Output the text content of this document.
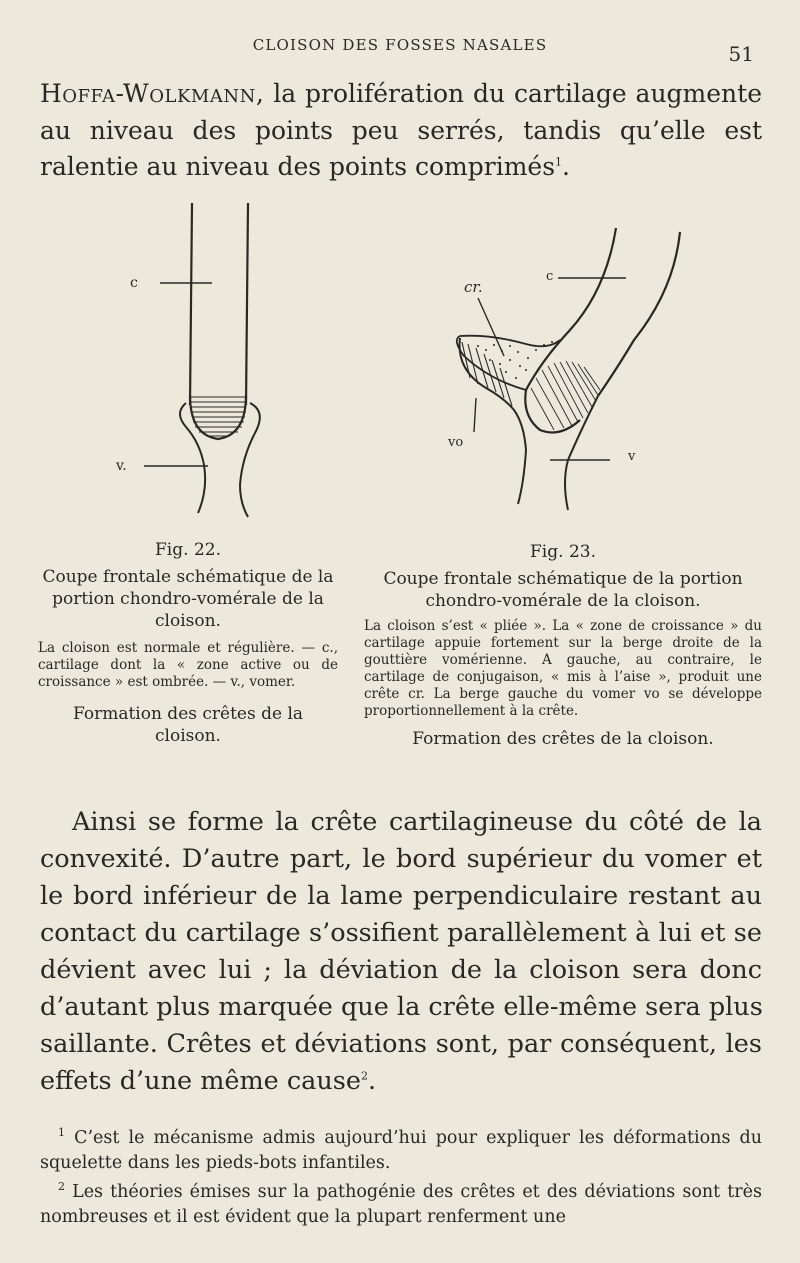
CLOISON DES FOSSES NASALES	51
Hoffa-Wolkmann, la prolifération du cartilage augmente
au niveau des points peu serrés, tandis qu’elle est
ralentie au niveau des points comprimés$^1$.
c
v.
cr.
c
vo
v
Fig. 22.
Coupe frontale schématique de la portion chondro-vomérale de la cloison.
La cloison est normale et régulière. — c., cartilage dont la « zone active ou de croissance » est ombrée. — v., vomer.
Formation des crêtes de la cloison.
Fig. 23.
Coupe frontale schématique de la portion chondro-vomérale de la cloison.
La cloison s’est « pliée ». La « zone de croissance » du cartilage appuie fortement sur la berge droite de la gouttière vomérienne. A gauche, au contraire, le cartilage de conjugaison, « mis à l’aise », produit une crête cr. La berge gauche du vomer vo se développe proportionnellement à la crête.
Formation des crêtes de la cloison.
Ainsi se forme la crête cartilagineuse du côté de la
convexité. D’autre part, le bord supérieur du vomer et
le bord inférieur de la lame perpendiculaire restant au
contact du cartilage s’ossifient parallèlement à lui et se
dévient avec lui ; la déviation de la cloison sera donc
d’autant plus marquée que la crête elle-même sera plus
saillante. Crêtes et déviations sont, par conséquent, les
effets d’une même cause$^2$.

$^1$ C’est le mécanisme admis aujourd’hui pour expliquer les déformations du squelette dans les pieds-bots infantiles.

$^2$ Les théories émises sur la pathogénie des crêtes et des déviations sont très nombreuses et il est évident que la plupart renferment une
